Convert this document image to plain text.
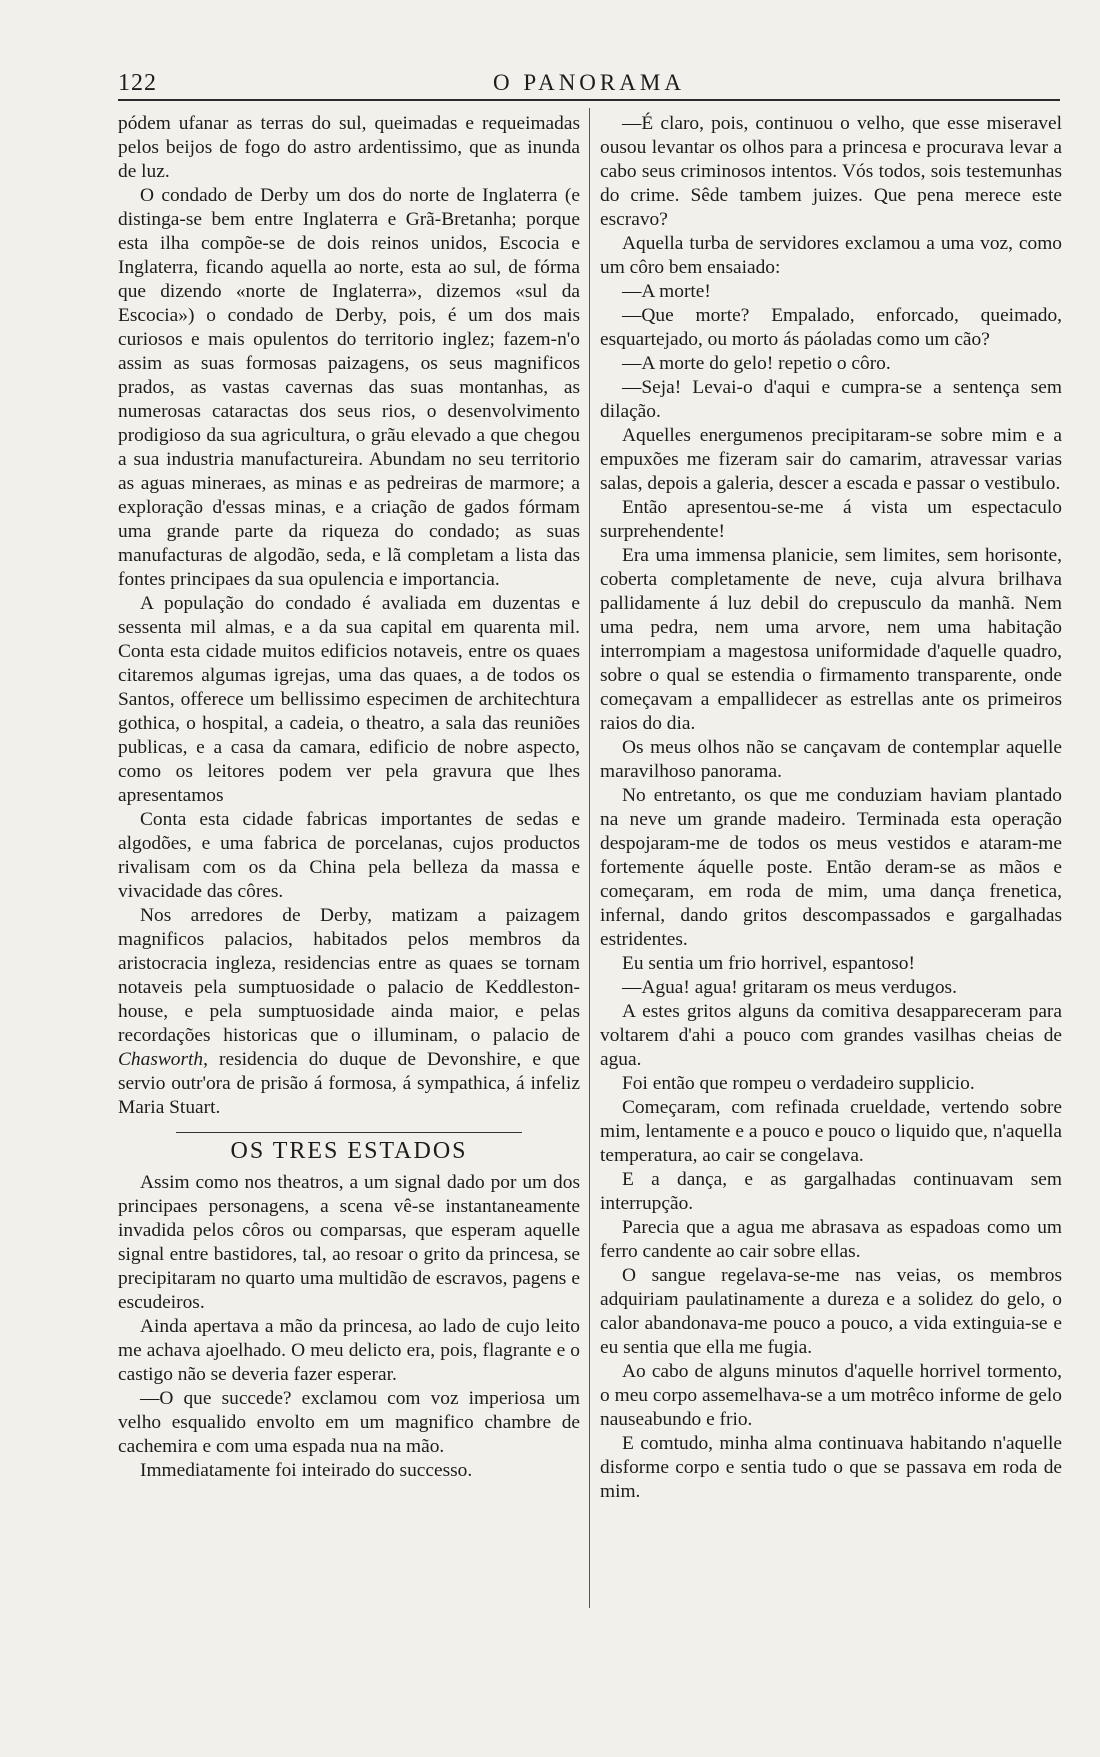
122	O PANORAMA

pódem ufanar as terras do sul, queimadas e requeimadas pelos beijos de fogo do astro ardentissimo, que as inunda de luz.

O condado de Derby um dos do norte de Inglaterra (e distinga-se bem entre Inglaterra e Grã-Bretanha; porque esta ilha compõe-se de dois reinos unidos, Escocia e Inglaterra, ficando aquella ao norte, esta ao sul, de fórma que dizendo «norte de Inglaterra», dizemos «sul da Escocia») o condado de Derby, pois, é um dos mais curiosos e mais opulentos do territorio inglez; fazem-n'o assim as suas formosas paizagens, os seus magnificos prados, as vastas cavernas das suas montanhas, as numerosas cataractas dos seus rios, o desenvolvimento prodigioso da sua agricultura, o grãu elevado a que chegou a sua industria manufactureira. Abundam no seu territorio as aguas mineraes, as minas e as pedreiras de marmore; a exploração d'essas minas, e a criação de gados fórmam uma grande parte da riqueza do condado; as suas manufacturas de algodão, seda, e lã completam a lista das fontes principaes da sua opulencia e importancia.

A população do condado é avaliada em duzentas e sessenta mil almas, e a da sua capital em quarenta mil. Conta esta cidade muitos edificios notaveis, entre os quaes citaremos algumas igrejas, uma das quaes, a de todos os Santos, offerece um bellissimo especimen de architechtura gothica, o hospital, a cadeia, o theatro, a sala das reuniões publicas, e a casa da camara, edificio de nobre aspecto, como os leitores podem ver pela gravura que lhes apresentamos

Conta esta cidade fabricas importantes de sedas e algodões, e uma fabrica de porcelanas, cujos productos rivalisam com os da China pela belleza da massa e vivacidade das côres.

Nos arredores de Derby, matizam a paizagem magnificos palacios, habitados pelos membros da aristocracia ingleza, residencias entre as quaes se tornam notaveis pela sumptuosidade o palacio de Keddleston-house, e pela sumptuosidade ainda maior, e pelas recordações historicas que o illuminam, o palacio de Chasworth, residencia do duque de Devonshire, e que servio outr'ora de prisão á formosa, á sympathica, á infeliz Maria Stuart.

OS TRES ESTADOS

Assim como nos theatros, a um signal dado por um dos principaes personagens, a scena vê-se instantaneamente invadida pelos côros ou comparsas, que esperam aquelle signal entre bastidores, tal, ao resoar o grito da princesa, se precipitaram no quarto uma multidão de escravos, pagens e escudeiros.

Ainda apertava a mão da princesa, ao lado de cujo leito me achava ajoelhado. O meu delicto era, pois, flagrante e o castigo não se deveria fazer esperar.

—O que succede? exclamou com voz imperiosa um velho esqualido envolto em um magnifico chambre de cachemira e com uma espada nua na mão.

Immediatamente foi inteirado do successo.

—É claro, pois, continuou o velho, que esse miseravel ousou levantar os olhos para a princesa e procurava levar a cabo seus criminosos intentos. Vós todos, sois testemunhas do crime. Sêde tambem juizes. Que pena merece este escravo?

Aquella turba de servidores exclamou a uma voz, como um côro bem ensaiado:

—A morte!

—Que morte? Empalado, enforcado, queimado, esquartejado, ou morto ás páoladas como um cão?

—A morte do gelo! repetio o côro.

—Seja! Levai-o d'aqui e cumpra-se a sentença sem dilação.

Aquelles energumenos precipitaram-se sobre mim e a empuxões me fizeram sair do camarim, atravessar varias salas, depois a galeria, descer a escada e passar o vestibulo.

Então apresentou-se-me á vista um espectaculo surprehendente!

Era uma immensa planicie, sem limites, sem horisonte, coberta completamente de neve, cuja alvura brilhava pallidamente á luz debil do crepusculo da manhã. Nem uma pedra, nem uma arvore, nem uma habitação interrompiam a magestosa uniformidade d'aquelle quadro, sobre o qual se estendia o firmamento transparente, onde começavam a empallidecer as estrellas ante os primeiros raios do dia.

Os meus olhos não se cançavam de contemplar aquelle maravilhoso panorama.

No entretanto, os que me conduziam haviam plantado na neve um grande madeiro. Terminada esta operação despojaram-me de todos os meus vestidos e ataram-me fortemente áquelle poste. Então deram-se as mãos e começaram, em roda de mim, uma dança frenetica, infernal, dando gritos descompassados e gargalhadas estridentes.

Eu sentia um frio horrivel, espantoso!

—Agua! agua! gritaram os meus verdugos.

A estes gritos alguns da comitiva desappareceram para voltarem d'ahi a pouco com grandes vasilhas cheias de agua.

Foi então que rompeu o verdadeiro supplicio.

Começaram, com refinada crueldade, vertendo sobre mim, lentamente e a pouco e pouco o liquido que, n'aquella temperatura, ao cair se congelava.

E a dança, e as gargalhadas continuavam sem interrupção.

Parecia que a agua me abrasava as espadoas como um ferro candente ao cair sobre ellas.

O sangue regelava-se-me nas veias, os membros adquiriam paulatinamente a dureza e a solidez do gelo, o calor abandonava-me pouco a pouco, a vida extinguia-se e eu sentia que ella me fugia.

Ao cabo de alguns minutos d'aquelle horrivel tormento, o meu corpo assemelhava-se a um motrêco informe de gelo nauseabundo e frio.

E comtudo, minha alma continuava habitando n'aquelle disforme corpo e sentia tudo o que se passava em roda de mim.
